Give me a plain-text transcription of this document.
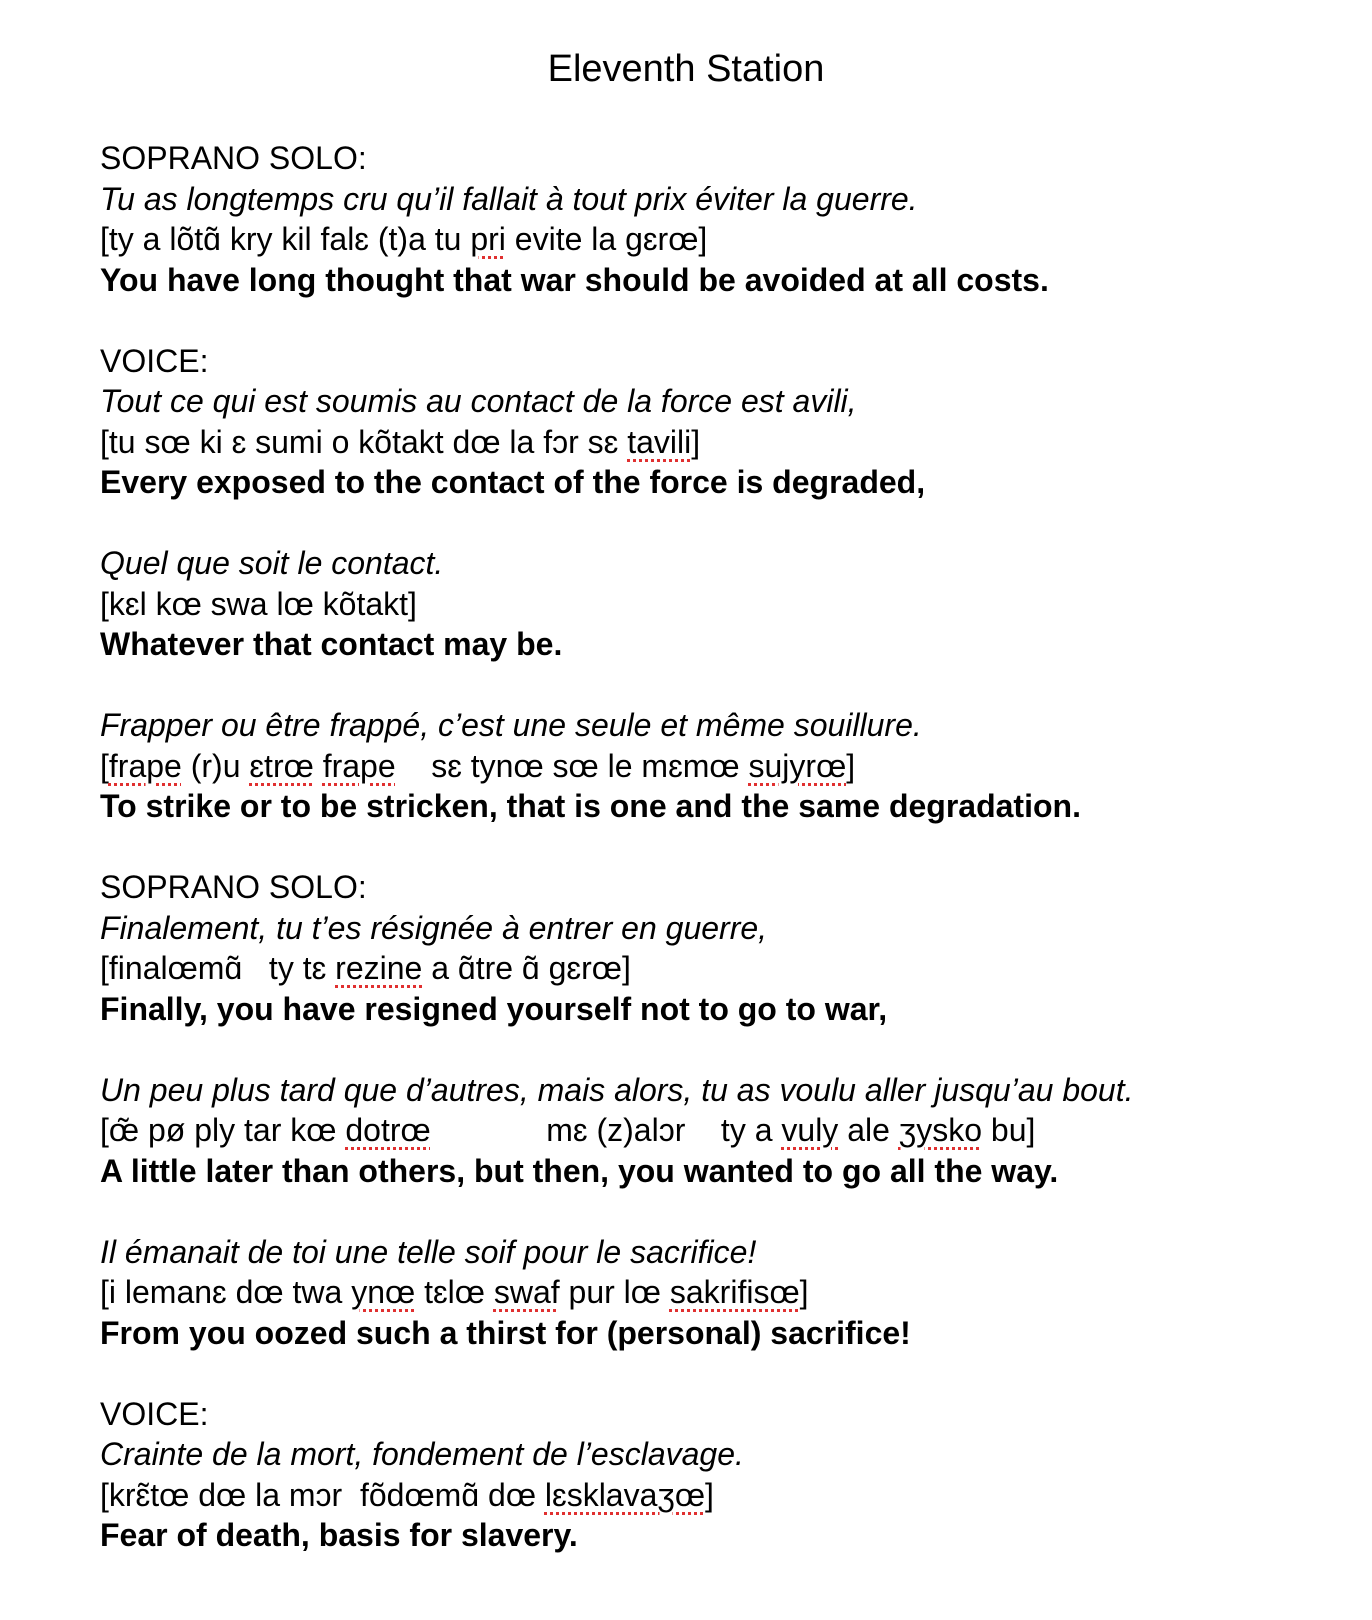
Eleventh Station
SOPRANO SOLO:
Tu as longtemps cru qu’il fallait à tout prix éviter la guerre.
[ty a lõtɑ̃ kry kil falɛ (t)a tu pri evite la gɛrœ]
You have long thought that war should be avoided at all costs.
VOICE:
Tout ce qui est soumis au contact de la force est avili,
[tu sœ ki ɛ sumi o kõtakt dœ la fɔr sɛ tavili]
Every exposed to the contact of the force is degraded,
Quel que soit le contact.
[kɛl kœ swa lœ kõtakt]
Whatever that contact may be.
Frapper ou être frappé, c’est une seule et même souillure.
[frape (r)u ɛtrœ frape    sɛ tynœ sœ le mɛmœ sujyrœ]
To strike or to be stricken, that is one and the same degradation.
SOPRANO SOLO:
Finalement, tu t’es résignée à entrer en guerre,
[finalœmɑ̃   ty tɛ rezine a ɑ̃tre ɑ̃ gɛrœ]
Finally, you have resigned yourself not to go to war,
Un peu plus tard que d’autres, mais alors, tu as voulu aller jusqu’au bout.
[œ̃ pø ply tar kœ dotrœ             mɛ (z)alɔr    ty a vuly ale ʒysko bu]
A little later than others, but then, you wanted to go all the way.
Il émanait de toi une telle soif pour le sacrifice!
[i lemanɛ dœ twa ynœ tɛlœ swaf pur lœ sakrifisœ]
From you oozed such a thirst for (personal) sacrifice!
VOICE:
Crainte de la mort, fondement de l’esclavage.
[krɛ̃tœ dœ la mɔr  fõdœmɑ̃ dœ lɛsklavaʒœ]
Fear of death, basis for slavery.
